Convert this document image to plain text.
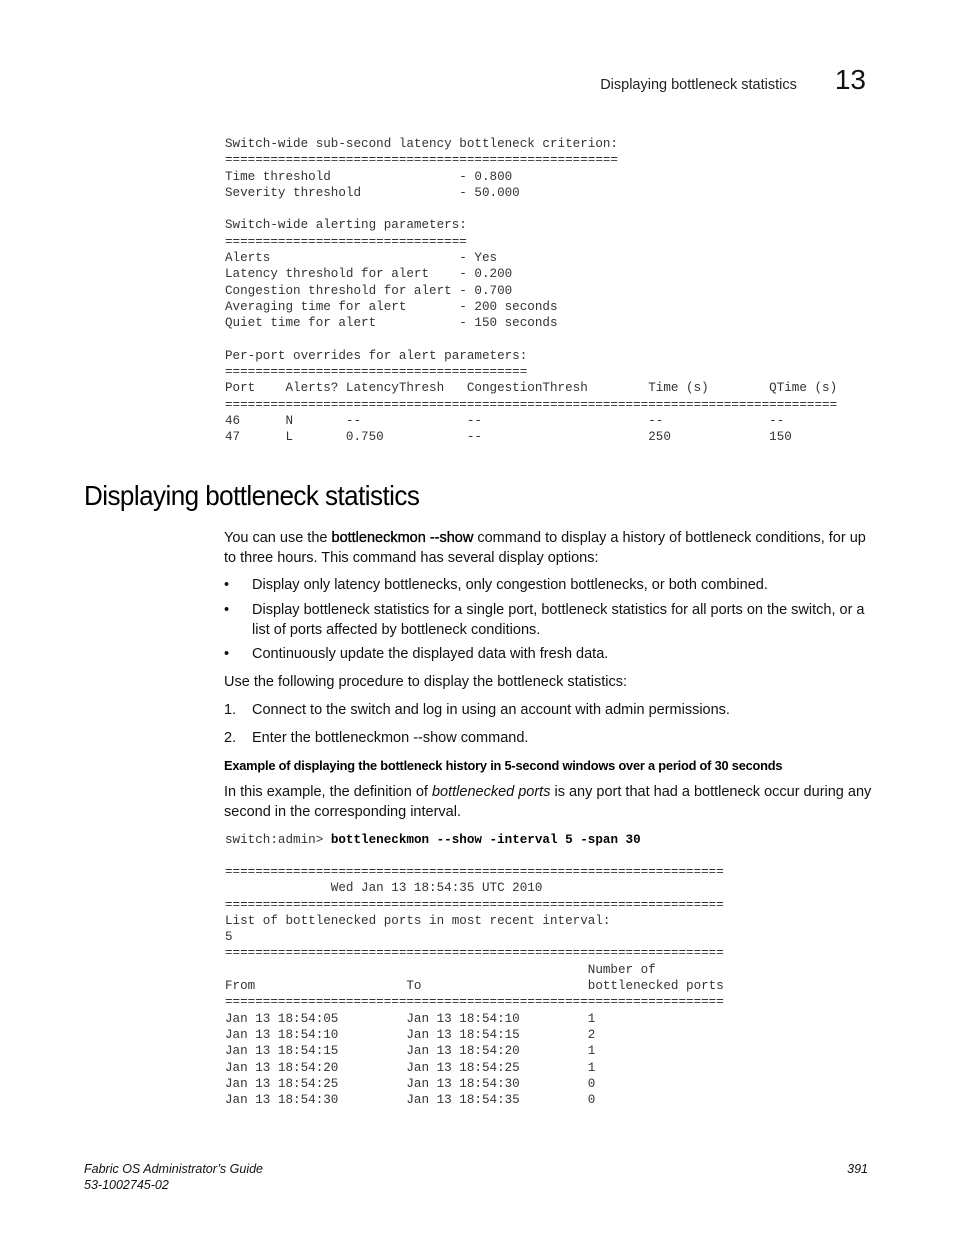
Displaying bottleneck statistics 13
Switch-wide sub-second latency bottleneck criterion:
====================================================
Time threshold                 - 0.800
Severity threshold             - 50.000

Switch-wide alerting parameters:
================================
Alerts                         - Yes
Latency threshold for alert    - 0.200
Congestion threshold for alert - 0.700
Averaging time for alert       - 200 seconds
Quiet time for alert           - 150 seconds

Per-port overrides for alert parameters:
========================================
Port    Alerts? LatencyThresh   CongestionThresh        Time (s)        QTime (s)
=================================================================================
46      N       --              --                      --              --
47      L       0.750           --                      250             150
Displaying bottleneck statistics

You can use the bottleneckmon --show command to display a history of bottleneck conditions, for up to three hours. This command has several display options:

• Display only latency bottlenecks, only congestion bottlenecks, or both combined.
• Display bottleneck statistics for a single port, bottleneck statistics for all ports on the switch, or a list of ports affected by bottleneck conditions.
• Continuously update the displayed data with fresh data.

Use the following procedure to display the bottleneck statistics:

1. Connect to the switch and log in using an account with admin permissions.
2. Enter the bottleneckmon --show command.

Example of displaying the bottleneck history in 5-second windows over a period of 30 seconds

In this example, the definition of bottlenecked ports is any port that had a bottleneck occur during any second in the corresponding interval.

switch:admin> bottleneckmon --show -interval 5 -span 30
==================================================================
Wed Jan 13 18:54:35 UTC 2010
==================================================================
List of bottlenecked ports in most recent interval:
5
==================================================================
Number of
From                    To                      bottlenecked ports
==================================================================
Jan 13 18:54:05         Jan 13 18:54:10         1
Jan 13 18:54:10         Jan 13 18:54:15         2
Jan 13 18:54:15         Jan 13 18:54:20         1
Jan 13 18:54:20         Jan 13 18:54:25         1
Jan 13 18:54:25         Jan 13 18:54:30         0
Jan 13 18:54:30         Jan 13 18:54:35         0
Fabric OS Administrator’s Guide
53-1002745-02
391
